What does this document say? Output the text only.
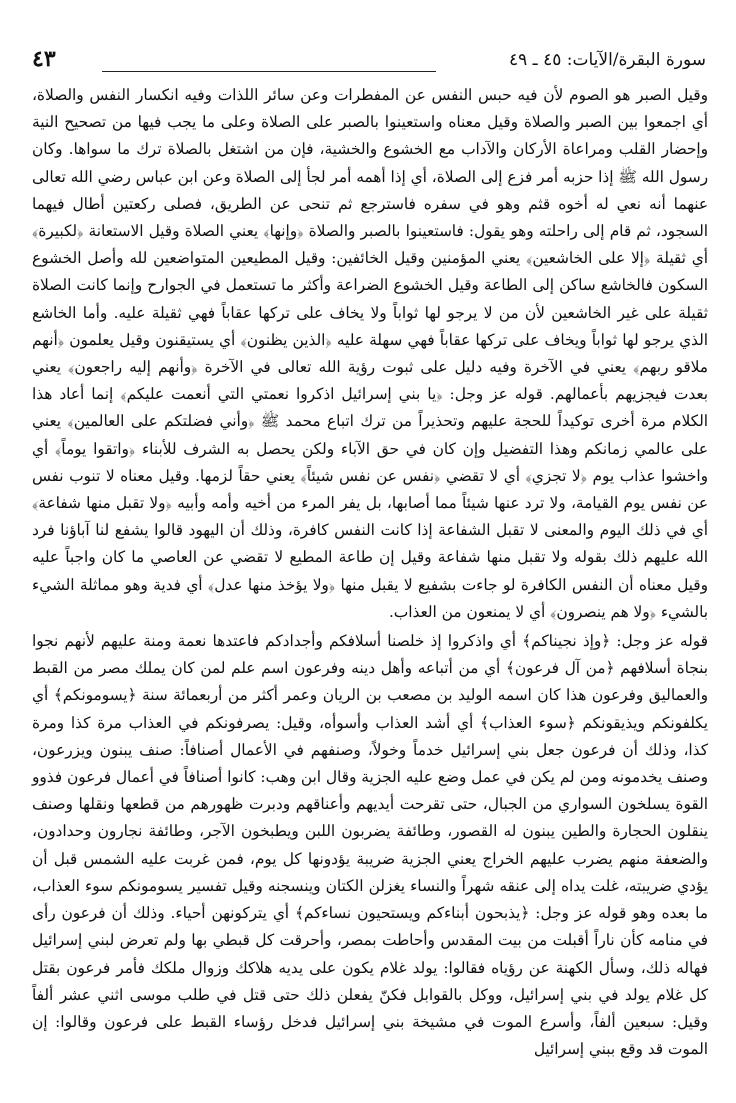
سورة البقرة/الآيات: ٤٥ ـ ٤٩
٤٣

وقيل الصبر هو الصوم لأن فيه حبس النفس عن المفطرات وعن سائر اللذات وفيه انكسار النفس والصلاة، أي اجمعوا بين الصبر والصلاة وقيل معناه واستعينوا بالصبر على الصلاة وعلى ما يجب فيها من تصحيح النية وإحضار القلب ومراعاة الأركان والآداب مع الخشوع والخشية، فإن من اشتغل بالصلاة ترك ما سواها. وكان رسول الله ﷺ إذا حزبه أمر فزع إلى الصلاة، أي إذا أهمه أمر لجأ إلى الصلاة وعن ابن عباس رضي الله تعالى عنهما أنه نعي له أخوه قثم وهو في سفره فاسترجع ثم تنحى عن الطريق، فصلى ركعتين أطال فيهما السجود، ثم قام إلى راحلته وهو يقول: فاستعينوا بالصبر والصلاة ﴿وإنها﴾ يعني الصلاة وقيل الاستعانة ﴿لكبيرة﴾ أي ثقيلة ﴿إلا على الخاشعين﴾ يعني المؤمنين وقيل الخائفين: وقيل المطيعين المتواضعين لله وأصل الخشوع السكون فالخاشع ساكن إلى الطاعة وقيل الخشوع الضراعة وأكثر ما تستعمل في الجوارح وإنما كانت الصلاة ثقيلة على غير الخاشعين لأن من لا يرجو لها ثواباً ولا يخاف على تركها عقاباً فهي ثقيلة عليه. وأما الخاشع الذي يرجو لها ثواباً ويخاف على تركها عقاباً فهي سهلة عليه ﴿الذين يظنون﴾ أي يستيقنون وقيل يعلمون ﴿أنهم ملاقو ربهم﴾ يعني في الآخرة وفيه دليل على ثبوت رؤية الله تعالى في الآخرة ﴿وأنهم إليه راجعون﴾ يعني بعدت فيجزيهم بأعمالهم. قوله عز وجل: ﴿يا بني إسرائيل اذكروا نعمتي التي أنعمت عليكم﴾ إنما أعاد هذا الكلام مرة أخرى توكيداً للحجة عليهم وتحذيراً من ترك اتباع محمد ﷺ ﴿وأني فضلتكم على العالمين﴾ يعني على عالمي زمانكم وهذا التفضيل وإن كان في حق الآباء ولكن يحصل به الشرف للأبناء ﴿واتقوا يوماً﴾ أي واخشوا عذاب يوم ﴿لا تجزي﴾ أي لا تقضي ﴿نفس عن نفس شيئاً﴾ يعني حقاً لزمها. وقيل معناه لا تنوب نفس عن نفس يوم القيامة، ولا ترد عنها شيئاً مما أصابها، بل يفر المرء من أخيه وأمه وأبيه ﴿ولا تقبل منها شفاعة﴾ أي في ذلك اليوم والمعنى لا تقبل الشفاعة إذا كانت النفس كافرة، وذلك أن اليهود قالوا يشفع لنا آباؤنا فرد الله عليهم ذلك بقوله ولا تقبل منها شفاعة وقيل إن طاعة المطيع لا تقضي عن العاصي ما كان واجباً عليه وقيل معناه أن النفس الكافرة لو جاءت بشفيع لا يقبل منها ﴿ولا يؤخذ منها عدل﴾ أي فدية وهو مماثلة الشيء بالشيء ﴿ولا هم ينصرون﴾ أي لا يمنعون من العذاب.

قوله عز وجل: ﴿وإذ نجيناكم﴾ أي واذكروا إذ خلصنا أسلافكم وأجدادكم فاعتدها نعمة ومنة عليهم لأنهم نجوا بنجاة أسلافهم ﴿من آل فرعون﴾ أي من أتباعه وأهل دينه وفرعون اسم علم لمن كان يملك مصر من القبط والعماليق وفرعون هذا كان اسمه الوليد بن مصعب بن الريان وعمر أكثر من أربعمائة سنة ﴿يسومونكم﴾ أي يكلفونكم ويذيقونكم ﴿سوء العذاب﴾ أي أشد العذاب وأسوأه، وقيل: يصرفونكم في العذاب مرة كذا ومرة كذا، وذلك أن فرعون جعل بني إسرائيل خدماً وخولاً، وصنفهم في الأعمال أصنافاً: صنف يبنون ويزرعون، وصنف يخدمونه ومن لم يكن في عمل وضع عليه الجزية وقال ابن وهب: كانوا أصنافاً في أعمال فرعون فذوو القوة يسلخون السواري من الجبال، حتى تقرحت أيديهم وأعناقهم ودبرت ظهورهم من قطعها ونقلها وصنف ينقلون الحجارة والطين يبنون له القصور، وطائفة يضربون اللبن ويطبخون الآجر، وطائفة نجارون وحدادون، والضعفة منهم يضرب عليهم الخراج يعني الجزية ضريبة يؤدونها كل يوم، فمن غربت عليه الشمس قبل أن يؤدي ضريبته، غلت يداه إلى عنقه شهراً والنساء يغزلن الكتان وينسجنه وقيل تفسير يسومونكم سوء العذاب، ما بعده وهو قوله عز وجل: ﴿يذبحون أبناءكم ويستحيون نساءكم﴾ أي يتركونهن أحياء. وذلك أن فرعون رأى في منامه كأن ناراً أقبلت من بيت المقدس وأحاطت بمصر، وأحرقت كل قبطي بها ولم تعرض لبني إسرائيل فهاله ذلك، وسأل الكهنة عن رؤياه فقالوا: يولد غلام يكون على يديه هلاكك وزوال ملكك فأمر فرعون بقتل كل غلام يولد في بني إسرائيل، ووكل بالقوابل فكنّ يفعلن ذلك حتى قتل في طلب موسى اثني عشر ألفاً وقيل: سبعين ألفاً، وأسرع الموت في مشيخة بني إسرائيل فدخل رؤساء القبط على فرعون وقالوا: إن الموت قد وقع ببني إسرائيل
